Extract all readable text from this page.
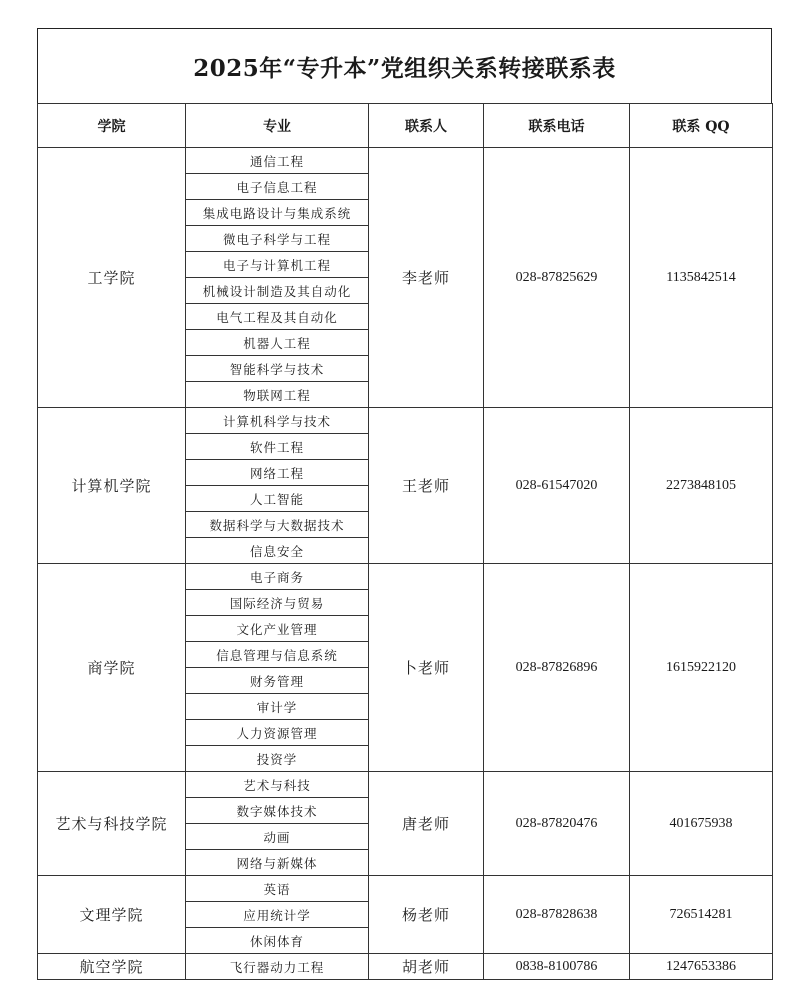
2025年“专升本”党组织关系转接联系表
学院	专业	联系人	联系电话	联系 QQ
工学院	通信工程	李老师	028-87825629	1135842514
	电子信息工程			
	集成电路设计与集成系统			
	微电子科学与工程			
	电子与计算机工程			
	机械设计制造及其自动化			
	电气工程及其自动化			
	机器人工程			
	智能科学与技术			
	物联网工程			
计算机学院	计算机科学与技术	王老师	028-61547020	2273848105
	软件工程			
	网络工程			
	人工智能			
	数据科学与大数据技术			
	信息安全			
商学院	电子商务	卜老师	028-87826896	1615922120
	国际经济与贸易			
	文化产业管理			
	信息管理与信息系统			
	财务管理			
	审计学			
	人力资源管理			
	投资学			
艺术与科技学院	艺术与科技	唐老师	028-87820476	401675938
	数字媒体技术			
	动画			
	网络与新媒体			
文理学院	英语	杨老师	028-87828638	726514281
	应用统计学			
	休闲体育			
航空学院	飞行器动力工程	胡老师	0838-8100786	1247653386
